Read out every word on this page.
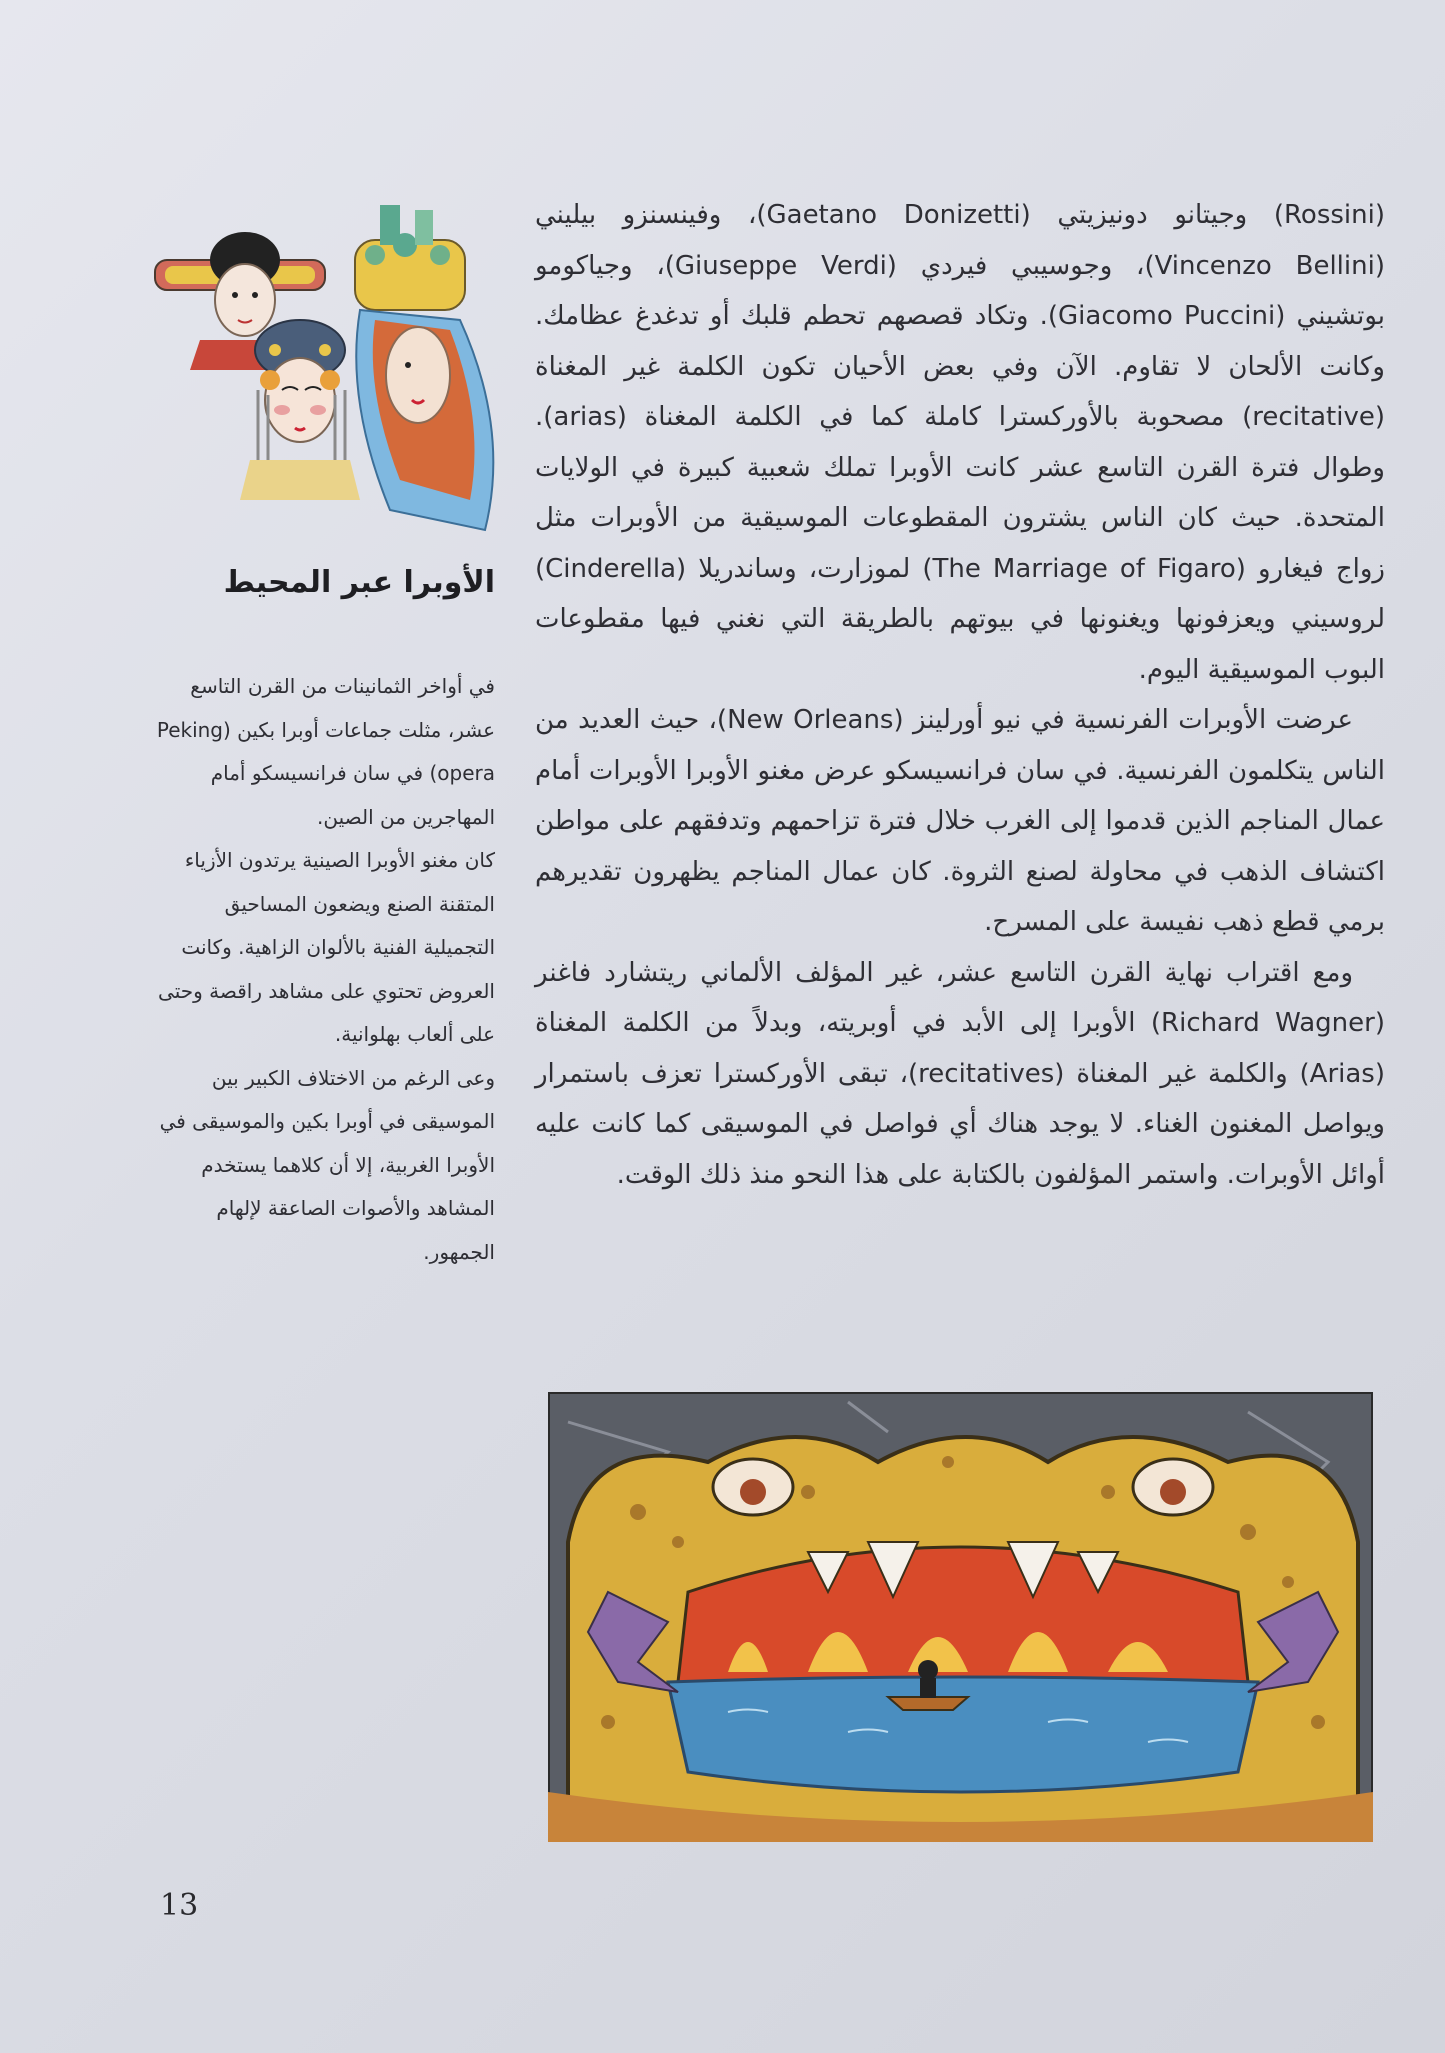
الأوبرا عبر المحيط

في أواخر الثمانينات من القرن التاسع عشر، مثلت جماعات أوبرا بكين (Peking opera) في سان فرانسيسكو أمام المهاجرين من الصين.

كان مغنو الأوبرا الصينية يرتدون الأزياء المتقنة الصنع ويضعون المساحيق التجميلية الفنية بالألوان الزاهية. وكانت العروض تحتوي على مشاهد راقصة وحتى على ألعاب بهلوانية.

وعى الرغم من الاختلاف الكبير بين الموسيقى في أوبرا بكين والموسيقى في الأوبرا الغربية، إلا أن كلاهما يستخدم المشاهد والأصوات الصاعقة لإلهام الجمهور.

(Rossini) وجيتانو دونيزيتي (Gaetano Donizetti)، وفينسنزو بيليني (Vincenzo Bellini)، وجوسيبي فيردي (Giuseppe Verdi)، وجياكومو بوتشيني (Giacomo Puccini). وتكاد قصصهم تحطم قلبك أو تدغدغ عظامك. وكانت الألحان لا تقاوم. الآن وفي بعض الأحيان تكون الكلمة غير المغناة (recitative) مصحوبة بالأوركسترا كاملة كما في الكلمة المغناة (arias). وطوال فترة القرن التاسع عشر كانت الأوبرا تملك شعبية كبيرة في الولايات المتحدة. حيث كان الناس يشترون المقطوعات الموسيقية من الأوبرات مثل زواج فيغارو (The Marriage of Figaro) لموزارت، وساندريلا (Cinderella) لروسيني ويعزفونها ويغنونها في بيوتهم بالطريقة التي نغني فيها مقطوعات البوب الموسيقية اليوم.

عرضت الأوبرات الفرنسية في نيو أورلينز (New Orleans)، حيث العديد من الناس يتكلمون الفرنسية. في سان فرانسيسكو عرض مغنو الأوبرا الأوبرات أمام عمال المناجم الذين قدموا إلى الغرب خلال فترة تزاحمهم وتدفقهم على مواطن اكتشاف الذهب في محاولة لصنع الثروة. كان عمال المناجم يظهرون تقديرهم برمي قطع ذهب نفيسة على المسرح.

ومع اقتراب نهاية القرن التاسع عشر، غير المؤلف الألماني ريتشارد فاغنر (Richard Wagner) الأوبرا إلى الأبد في أوبريته، وبدلاً من الكلمة المغناة (Arias) والكلمة غير المغناة (recitatives)، تبقى الأوركسترا تعزف باستمرار ويواصل المغنون الغناء. لا يوجد هناك أي فواصل في الموسيقى كما كانت عليه أوائل الأوبرات. واستمر المؤلفون بالكتابة على هذا النحو منذ ذلك الوقت.

13
